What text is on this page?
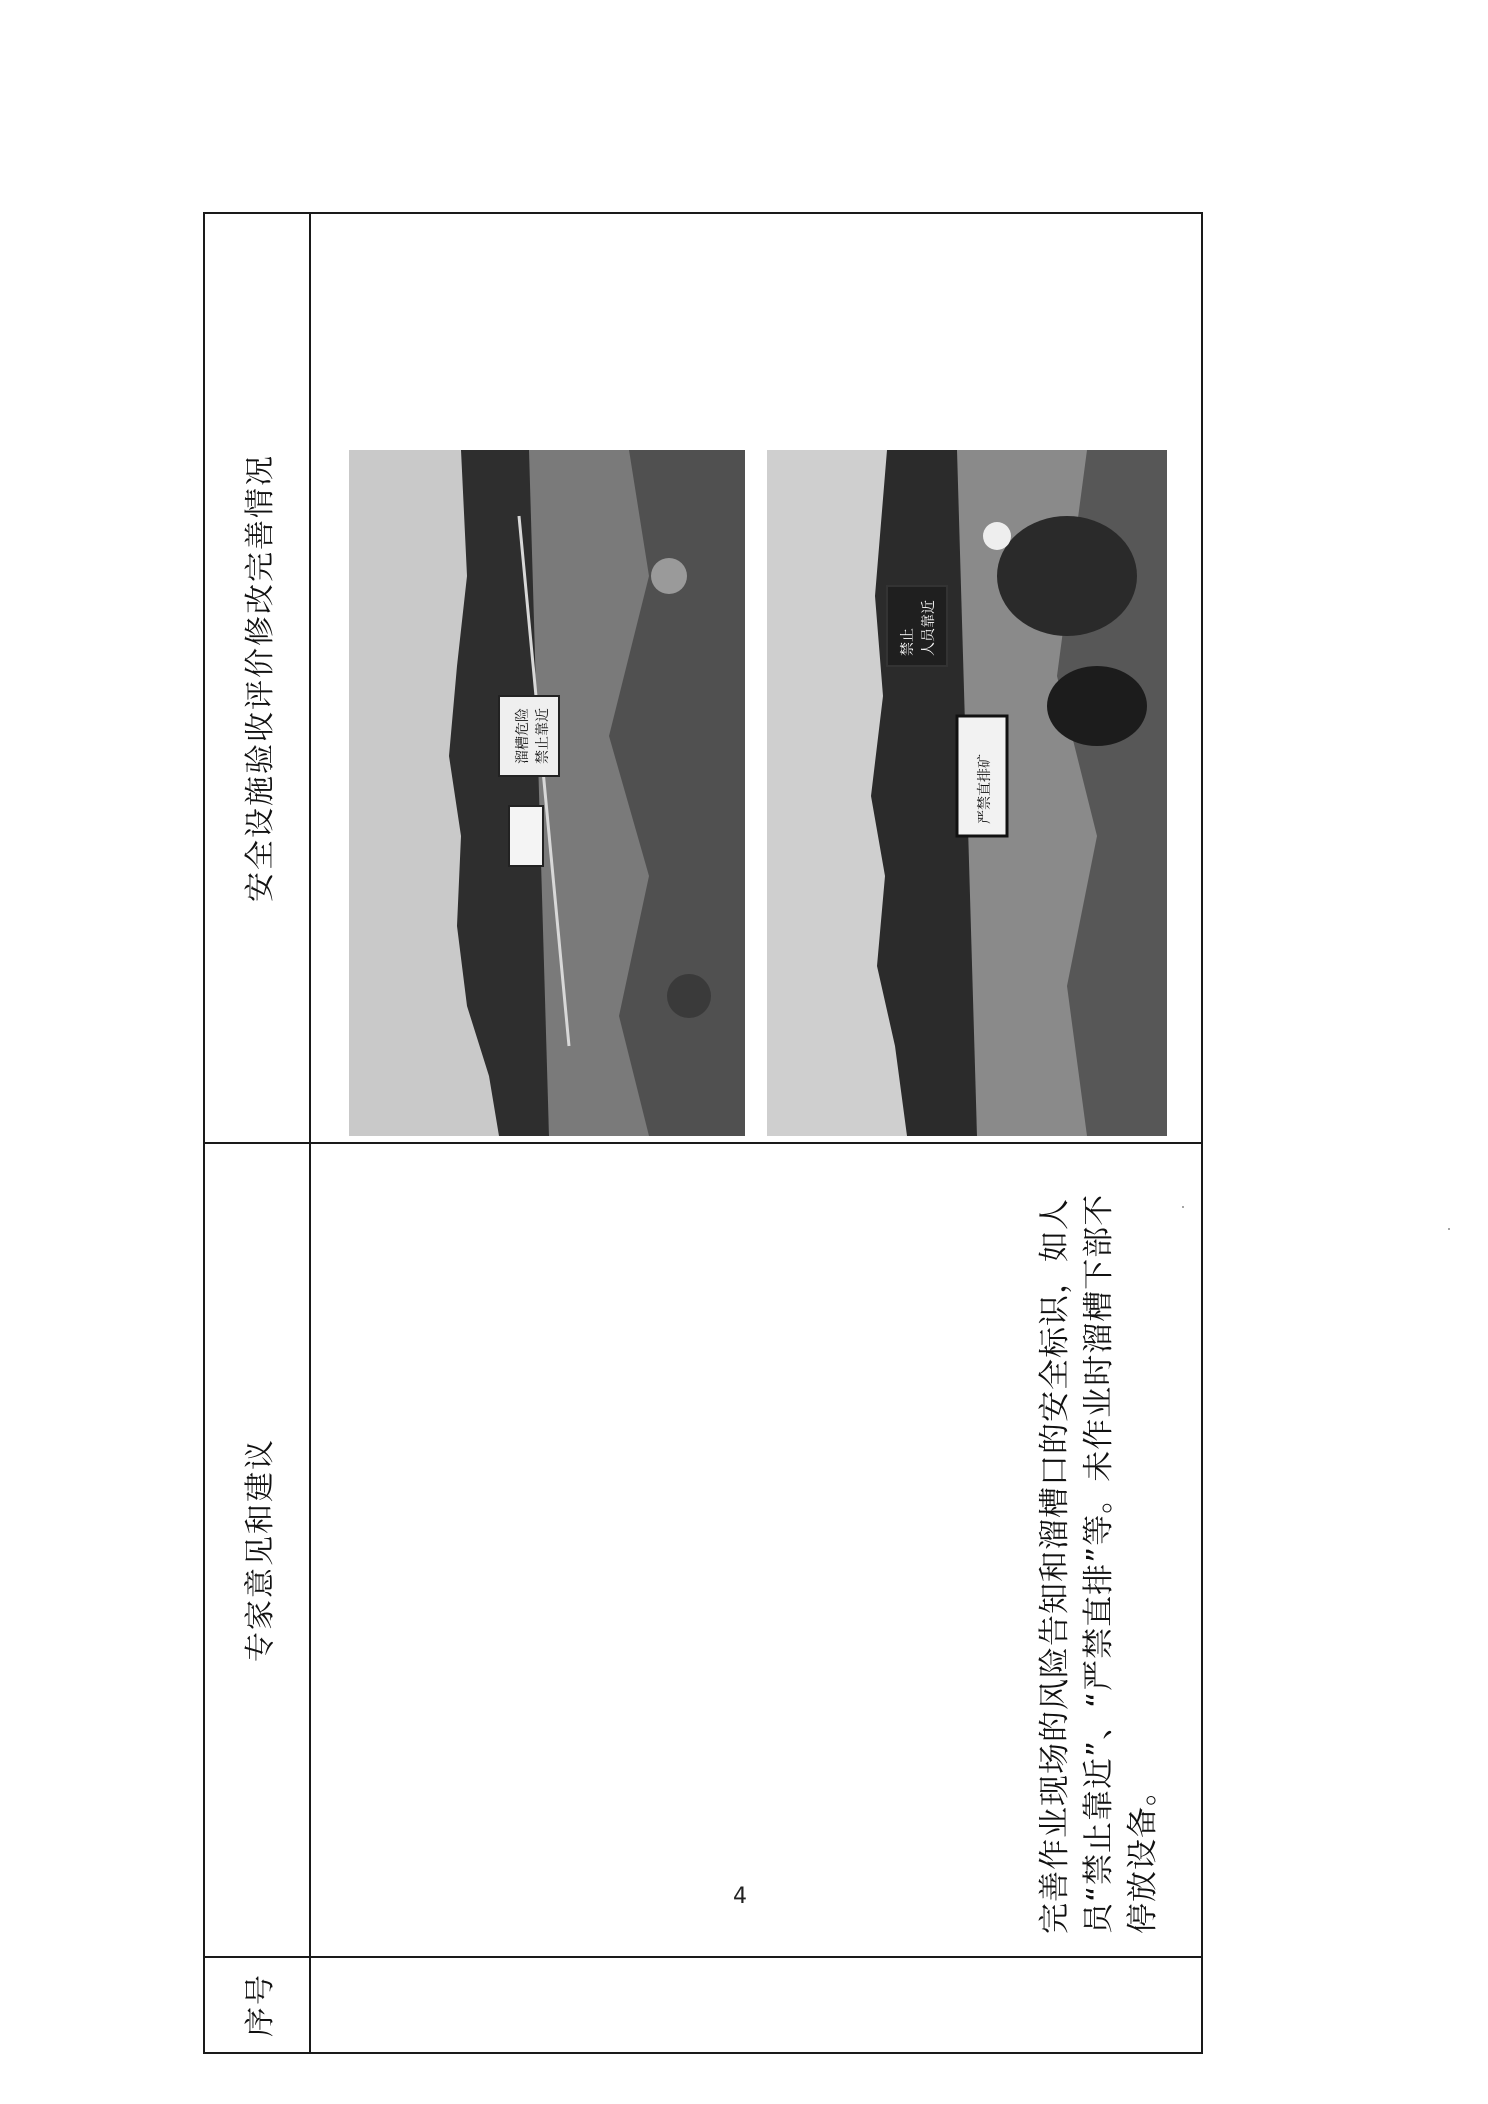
序号	专家意见和建议	安全设施验收评价修改完善情况
	完善作业现场的风险告知和溜槽口的安全标识，如人员“禁止靠近”、“严禁直排”等。未作业时溜槽下部不停放设备。	溜槽危险 禁止靠近
严禁直排矿
禁止 人员靠近
4
